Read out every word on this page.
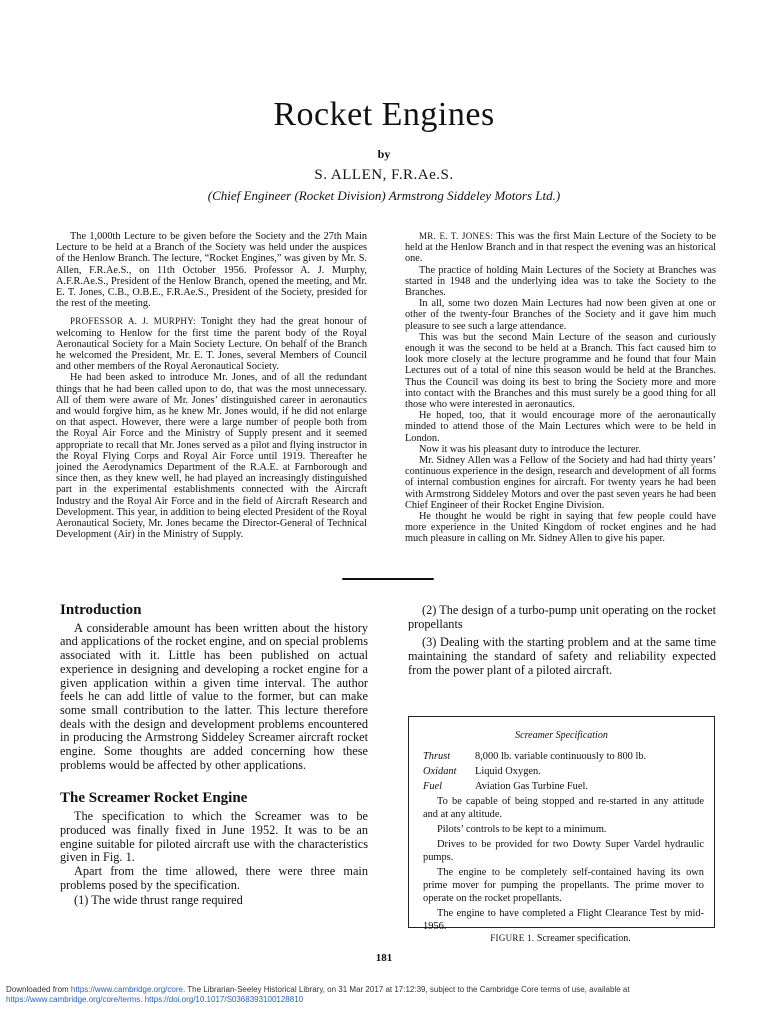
Rocket Engines
by
S. ALLEN, F.R.Ae.S.
(Chief Engineer (Rocket Division) Armstrong Siddeley Motors Ltd.)

The 1,000th Lecture to be given before the Society and the 27th Main Lecture to be held at a Branch of the Society was held under the auspices of the Henlow Branch. The lecture, “Rocket Engines,” was given by Mr. S. Allen, F.R.Ae.S., on 11th October 1956. Professor A. J. Murphy, A.F.R.Ae.S., President of the Henlow Branch, opened the meeting, and Mr. E. T. Jones, C.B., O.B.E., F.R.Ae.S., President of the Society, presided for the rest of the meeting.

PROFESSOR A. J. MURPHY: Tonight they had the great honour of welcoming to Henlow for the first time the parent body of the Royal Aeronautical Society for a Main Society Lecture. On behalf of the Branch he welcomed the President, Mr. E. T. Jones, several Members of Council and other members of the Royal Aeronautical Society.

He had been asked to introduce Mr. Jones, and of all the redundant things that he had been called upon to do, that was the most unnecessary. All of them were aware of Mr. Jones’ distinguished career in aeronautics and would forgive him, as he knew Mr. Jones would, if he did not enlarge on that aspect. However, there were a large number of people both from the Royal Air Force and the Ministry of Supply present and it seemed appropriate to recall that Mr. Jones served as a pilot and flying instructor in the Royal Flying Corps and Royal Air Force until 1919. Thereafter he joined the Aerodynamics Department of the R.A.E. at Farnborough and since then, as they knew well, he had played an increasingly distinguished part in the experimental establishments connected with the Aircraft Industry and the Royal Air Force and in the field of Aircraft Research and Development. This year, in addition to being elected President of the Royal Aeronautical Society, Mr. Jones became the Director-General of Technical Development (Air) in the Ministry of Supply.

MR. E. T. JONES: This was the first Main Lecture of the Society to be held at the Henlow Branch and in that respect the evening was an historical one.

The practice of holding Main Lectures of the Society at Branches was started in 1948 and the underlying idea was to take the Society to the Branches.

In all, some two dozen Main Lectures had now been given at one or other of the twenty-four Branches of the Society and it gave him much pleasure to see such a large attendance.

This was but the second Main Lecture of the season and curiously enough it was the second to be held at a Branch. This fact caused him to look more closely at the lecture programme and he found that four Main Lectures out of a total of nine this season would be held at the Branches. Thus the Council was doing its best to bring the Society more and more into contact with the Branches and this must surely be a good thing for all those who were interested in aeronautics.

He hoped, too, that it would encourage more of the aeronautically minded to attend those of the Main Lectures which were to be held in London.

Now it was his pleasant duty to introduce the lecturer.

Mr. Sidney Allen was a Fellow of the Society and had had thirty years’ continuous experience in the design, research and development of all forms of internal combustion engines for aircraft. For twenty years he had been with Armstrong Siddeley Motors and over the past seven years he had been Chief Engineer of their Rocket Engine Division.

He thought he would be right in saying that few people could have more experience in the United Kingdom of rocket engines and he had much pleasure in calling on Mr. Sidney Allen to give his paper.

Introduction

A considerable amount has been written about the history and applications of the rocket engine, and on special problems associated with it. Little has been published on actual experience in designing and developing a rocket engine for a given application within a given time interval. The author feels he can add little of value to the former, but can make some small contribution to the latter. This lecture therefore deals with the design and development problems encountered in producing the Armstrong Siddeley Screamer aircraft rocket engine. Some thoughts are added concerning how these problems would be affected by other applications.

The Screamer Rocket Engine

The specification to which the Screamer was to be produced was finally fixed in June 1952. It was to be an engine suitable for piloted aircraft use with the characteristics given in Fig. 1.

Apart from the time allowed, there were three main problems posed by the specification.

(1) The wide thrust range required

(2) The design of a turbo-pump unit operating on the rocket propellants

(3) Dealing with the starting problem and at the same time maintaining the standard of safety and reliability expected from the power plant of a piloted aircraft.

Screamer Specification
Thrust	8,000 lb. variable continuously to 800 lb.
Oxidant	Liquid Oxygen.
Fuel	Aviation Gas Turbine Fuel.

To be capable of being stopped and re-started in any attitude and at any altitude.

Pilots’ controls to be kept to a minimum.

Drives to be provided for two Dowty Super Vardel hydraulic pumps.

The engine to be completely self-contained having its own prime mover for pumping the propellants. The prime mover to operate on the rocket propellants.

The engine to have completed a Flight Clearance Test by mid-1956.

FIGURE 1. Screamer specification.
181
Downloaded from https://www.cambridge.org/core. The Librarian-Seeley Historical Library, on 31 Mar 2017 at 17:12:39, subject to the Cambridge Core terms of use, available at
https://www.cambridge.org/core/terms. https://doi.org/10.1017/S0368393100128810
